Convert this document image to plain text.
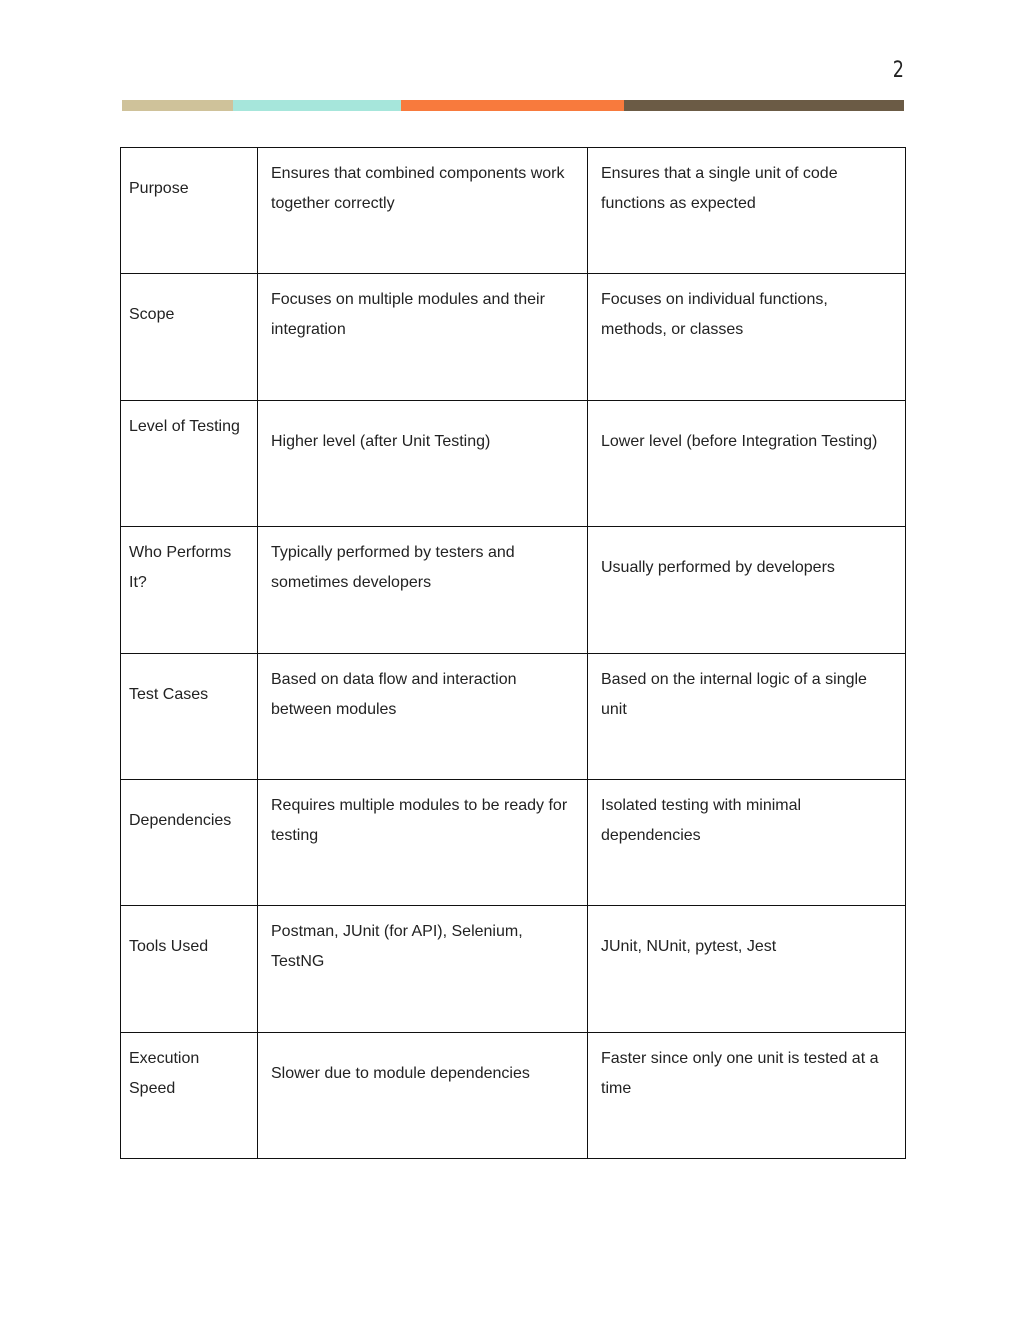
2
Purpose	Ensures that combined components work together correctly	Ensures that a single unit of code functions as expected

Scope	Focuses on multiple modules and their integration	Focuses on individual functions, methods, or classes

Level of Testing	Higher level (after Unit Testing)	Lower level (before Integration Testing)

Who Performs It?	Typically performed by testers and sometimes developers	Usually performed by developers

Test Cases	Based on data flow and interaction between modules	Based on the internal logic of a single unit

Dependencies	Requires multiple modules to be ready for testing	Isolated testing with minimal dependencies

Tools Used	Postman, JUnit (for API), Selenium, TestNG	JUnit, NUnit, pytest, Jest

Execution Speed	Slower due to module dependencies	Faster since only one unit is tested at a time
